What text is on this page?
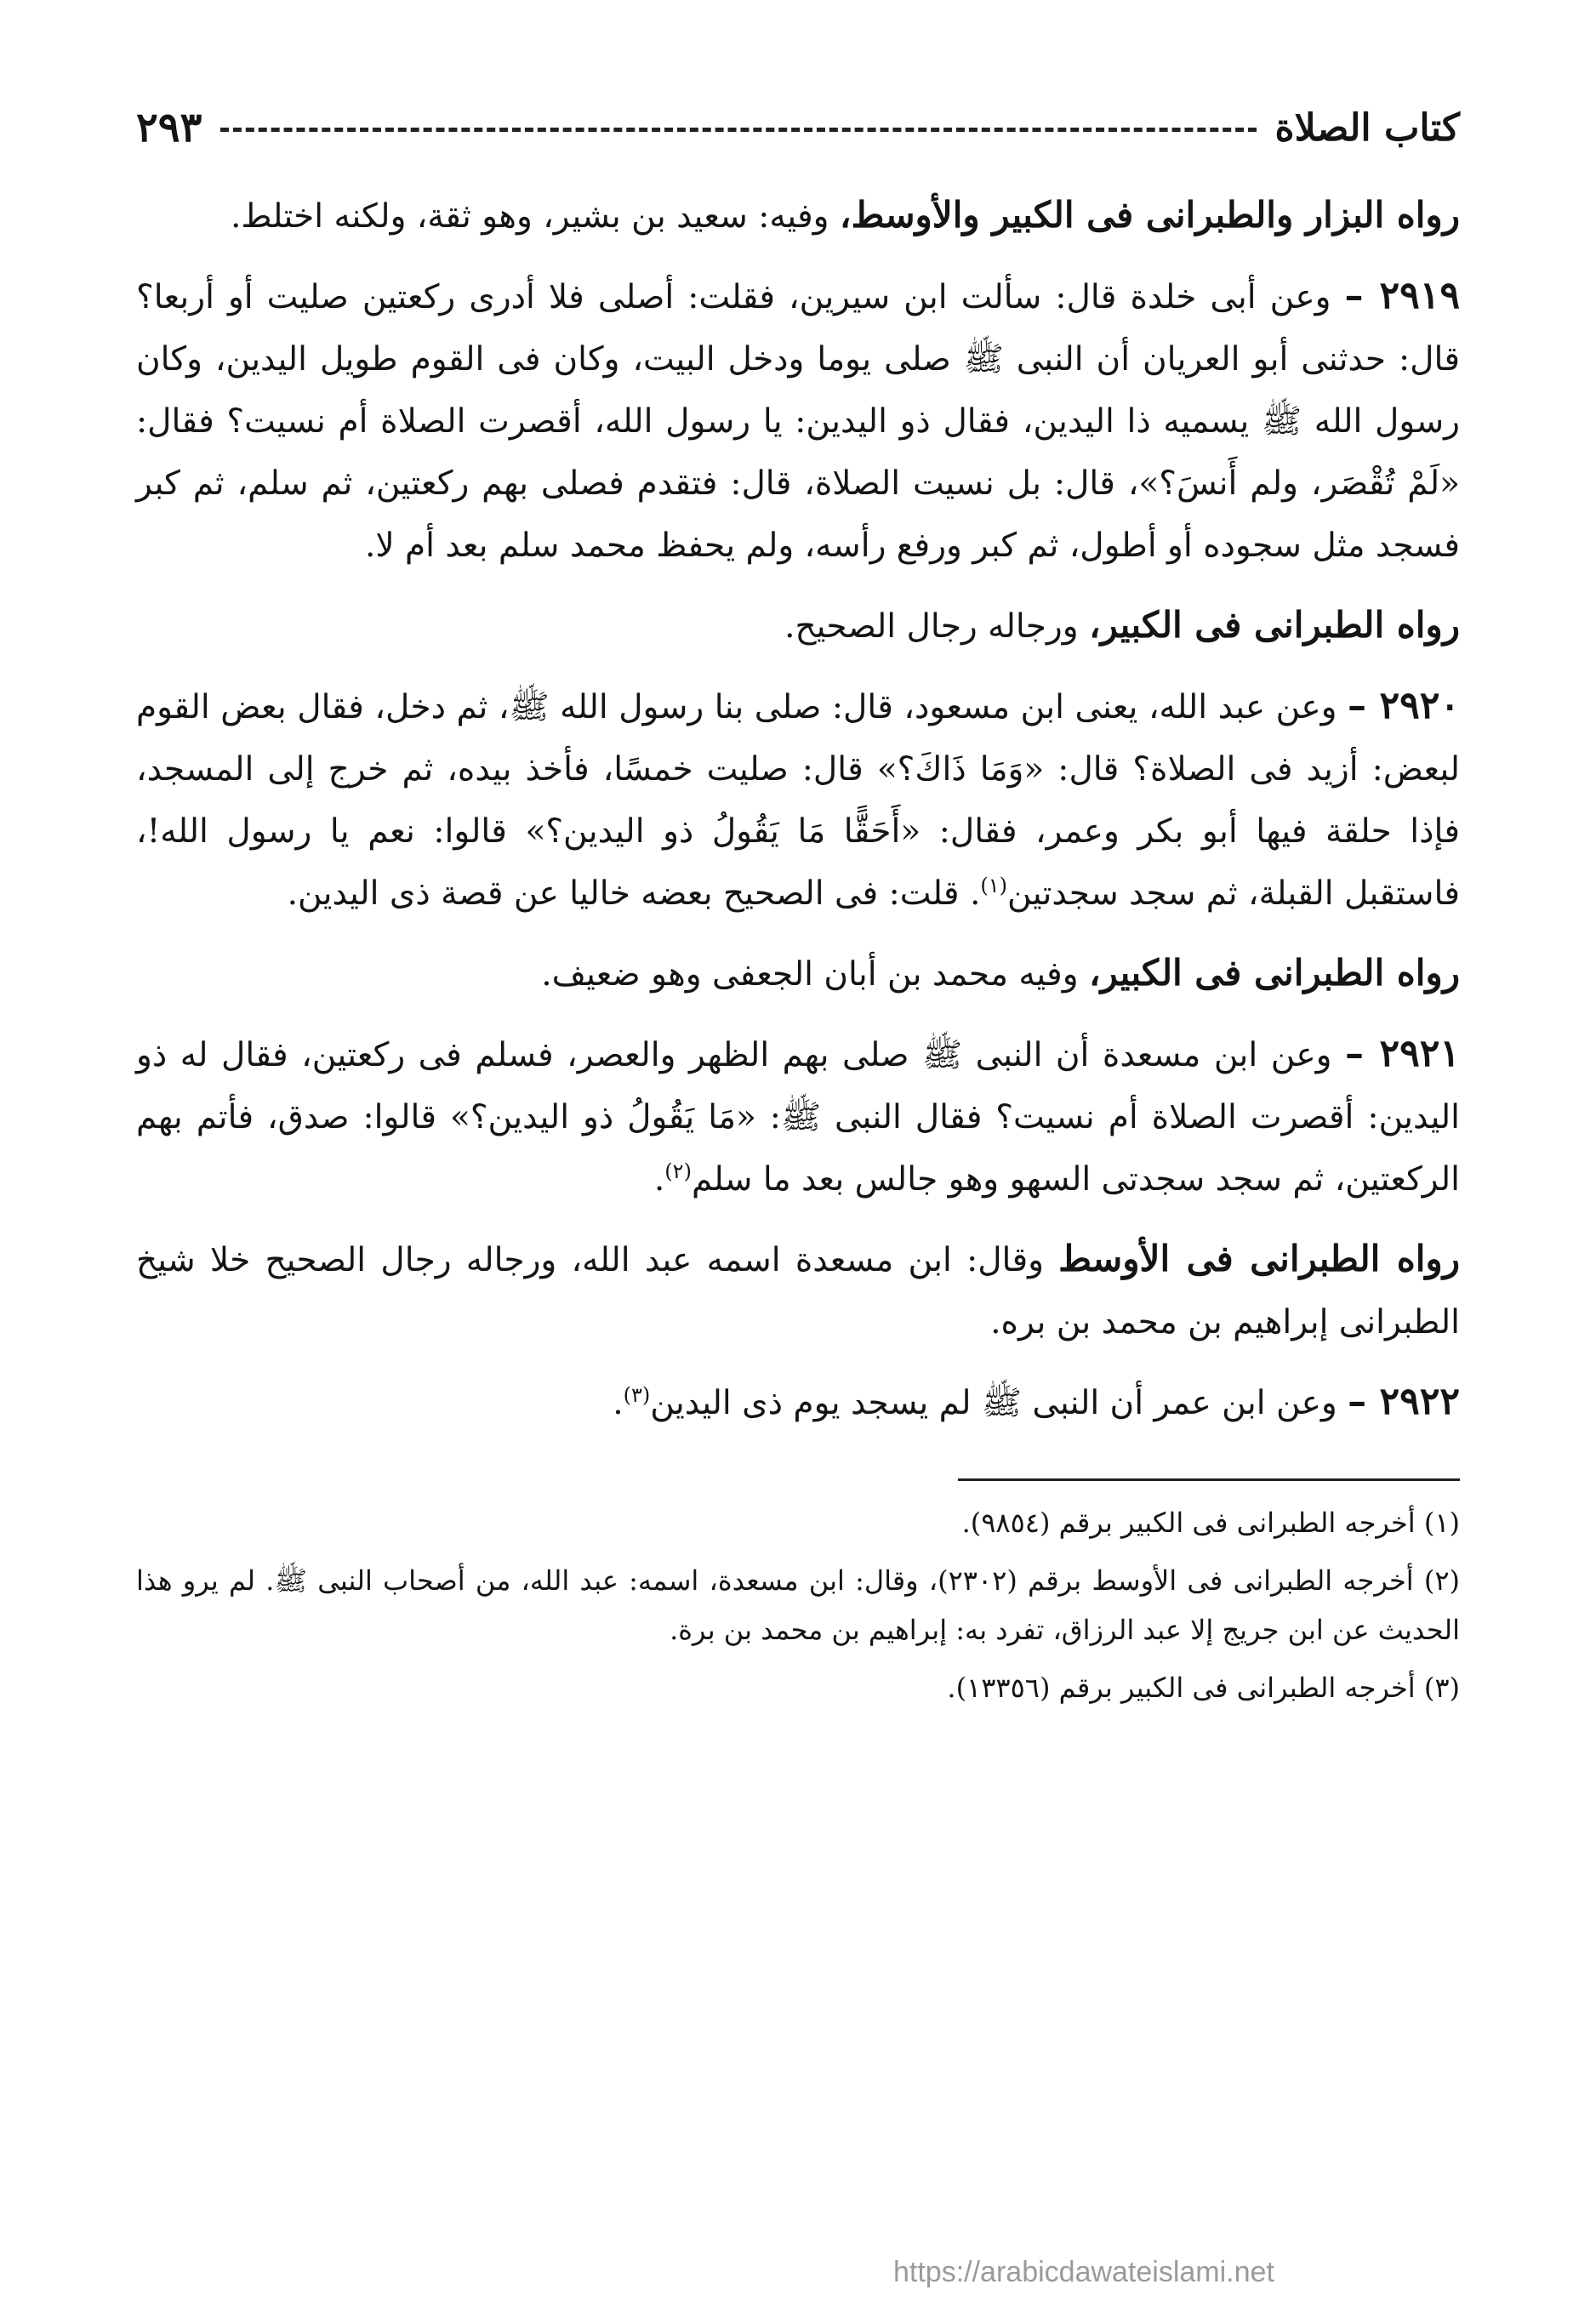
كتاب الصلاة
٢٩٣

رواه البزار والطبرانى فى الكبير والأوسط، وفيه: سعيد بن بشير، وهو ثقة، ولكنه اختلط.

٢٩١٩ – وعن أبى خلدة قال: سألت ابن سيرين، فقلت: أصلى فلا أدرى ركعتين صليت أو أربعا؟ قال: حدثنى أبو العريان أن النبى ﷺ صلى يوما ودخل البيت، وكان فى القوم طويل اليدين، وكان رسول الله ﷺ يسميه ذا اليدين، فقال ذو اليدين: يا رسول الله، أقصرت الصلاة أم نسيت؟ فقال: «لَمْ تُقْصَر، ولم أَنسَ؟»، قال: بل نسيت الصلاة، قال: فتقدم فصلى بهم ركعتين، ثم سلم، ثم كبر فسجد مثل سجوده أو أطول، ثم كبر ورفع رأسه، ولم يحفظ محمد سلم بعد أم لا.

رواه الطبرانى فى الكبير، ورجاله رجال الصحيح.

٢٩٢٠ – وعن عبد الله، يعنى ابن مسعود، قال: صلى بنا رسول الله ﷺ، ثم دخل، فقال بعض القوم لبعض: أزيد فى الصلاة؟ قال: «وَمَا ذَاكَ؟» قال: صليت خمسًا، فأخذ بيده، ثم خرج إلى المسجد، فإذا حلقة فيها أبو بكر وعمر، فقال: «أَحَقًّا مَا يَقُولُ ذو اليدين؟» قالوا: نعم يا رسول الله!، فاستقبل القبلة، ثم سجد سجدتين$^{(١)}$. قلت: فى الصحيح بعضه خاليا عن قصة ذى اليدين.

رواه الطبرانى فى الكبير، وفيه محمد بن أبان الجعفى وهو ضعيف.

٢٩٢١ – وعن ابن مسعدة أن النبى ﷺ صلى بهم الظهر والعصر، فسلم فى ركعتين، فقال له ذو اليدين: أقصرت الصلاة أم نسيت؟ فقال النبى ﷺ: «مَا يَقُولُ ذو اليدين؟» قالوا: صدق، فأتم بهم الركعتين، ثم سجد سجدتى السهو وهو جالس بعد ما سلم$^{(٢)}$.

رواه الطبرانى فى الأوسط وقال: ابن مسعدة اسمه عبد الله، ورجاله رجال الصحيح خلا شيخ الطبرانى إبراهيم بن محمد بن بره.

٢٩٢٢ – وعن ابن عمر أن النبى ﷺ لم يسجد يوم ذى اليدين$^{(٣)}$.

(١) أخرجه الطبرانى فى الكبير برقم (٩٨٥٤).

(٢) أخرجه الطبرانى فى الأوسط برقم (٢٣٠٢)، وقال: ابن مسعدة، اسمه: عبد الله، من أصحاب النبى ﷺ. لم يرو هذا الحديث عن ابن جريج إلا عبد الرزاق، تفرد به: إبراهيم بن محمد بن برة.

(٣) أخرجه الطبرانى فى الكبير برقم (١٣٣٥٦).

https://arabicdawateislami.net
